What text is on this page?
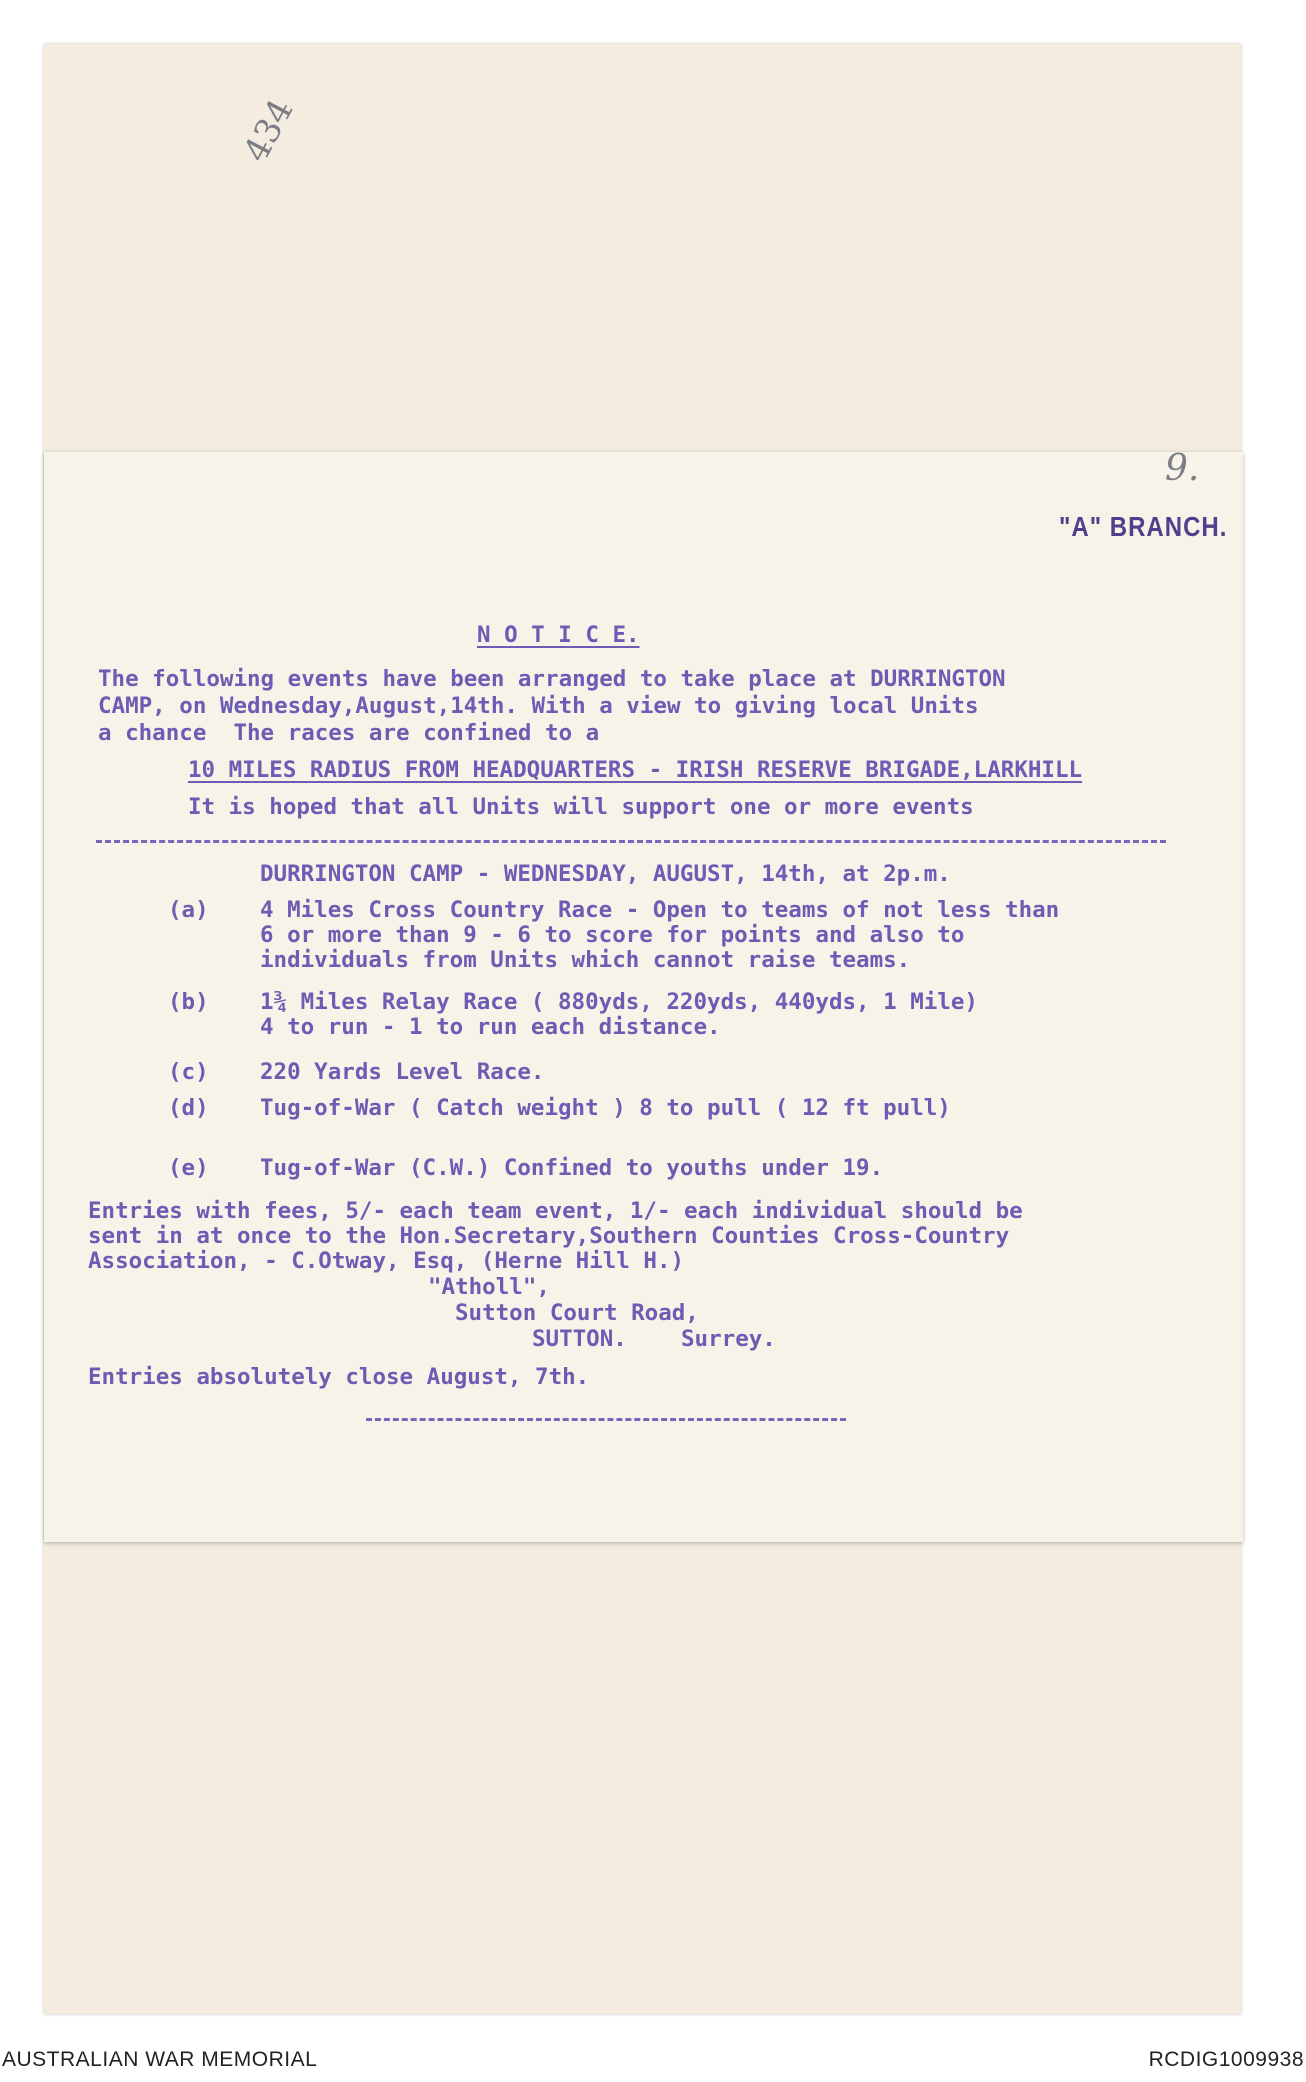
434
9.
"A" BRANCH.
N O T I C E.
The following events have been arranged to take place at DURRINGTON
CAMP, on Wednesday,August,14th. With a view to giving local Units
a chance  The races are confined to a
10 MILES RADIUS FROM HEADQUARTERS - IRISH RESERVE BRIGADE,LARKHILL
It is hoped that all Units will support one or more events
DURRINGTON CAMP - WEDNESDAY, AUGUST, 14th, at 2p.m.
(a) 4 Miles Cross Country Race - Open to teams of not less than
6 or more than 9 - 6 to score for points and also to
individuals from Units which cannot raise teams.
(b) 1¾ Miles Relay Race ( 880yds, 220yds, 440yds, 1 Mile)
4 to run - 1 to run each distance.
(c) 220 Yards Level Race.
(d) Tug-of-War ( Catch weight ) 8 to pull ( 12 ft pull)
(e) Tug-of-War (C.W.) Confined to youths under 19.
Entries with fees, 5/- each team event, 1/- each individual should be
sent in at once to the Hon.Secretary,Southern Counties Cross-Country
Association, - C.Otway, Esq, (Herne Hill H.)
"Atholl",
Sutton Court Road,
SUTTON.    Surrey.
Entries absolutely close August, 7th.
AUSTRALIAN WAR MEMORIAL	RCDIG1009938
